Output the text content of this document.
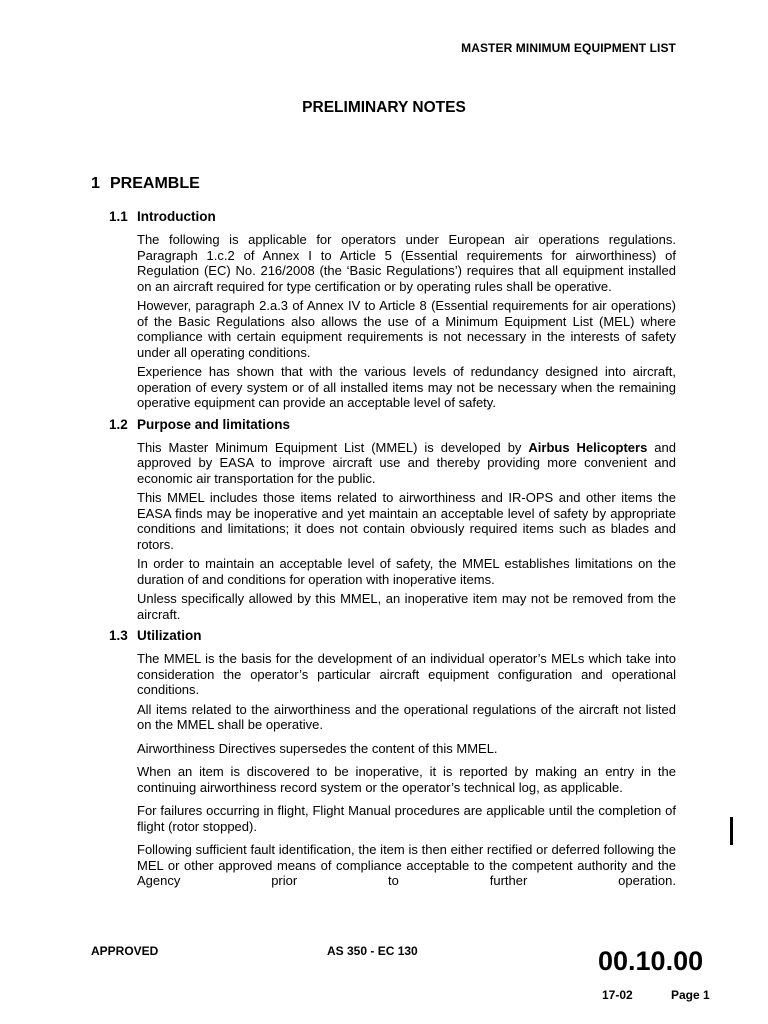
MASTER MINIMUM EQUIPMENT LIST
PRELIMINARY NOTES
1 PREAMBLE
1.1 Introduction

The following is applicable for operators under European air operations regulations. Paragraph 1.c.2 of Annex I to Article 5 (Essential requirements for airworthiness) of Regulation (EC) No. 216/2008 (the ‘Basic Regulations’) requires that all equipment installed on an aircraft required for type certification or by operating rules shall be operative.

However, paragraph 2.a.3 of Annex IV to Article 8 (Essential requirements for air operations) of the Basic Regulations also allows the use of a Minimum Equipment List (MEL) where compliance with certain equipment requirements is not necessary in the interests of safety under all operating conditions.

Experience has shown that with the various levels of redundancy designed into aircraft, operation of every system or of all installed items may not be necessary when the remaining operative equipment can provide an acceptable level of safety.

1.2 Purpose and limitations

This Master Minimum Equipment List (MMEL) is developed by Airbus Helicopters and approved by EASA to improve aircraft use and thereby providing more convenient and economic air transportation for the public.

This MMEL includes those items related to airworthiness and IR-OPS and other items the EASA finds may be inoperative and yet maintain an acceptable level of safety by appropriate conditions and limitations; it does not contain obviously required items such as blades and rotors.

In order to maintain an acceptable level of safety, the MMEL establishes limitations on the duration of and conditions for operation with inoperative items.

Unless specifically allowed by this MMEL, an inoperative item may not be removed from the aircraft.

1.3 Utilization

The MMEL is the basis for the development of an individual operator’s MELs which take into consideration the operator’s particular aircraft equipment configuration and operational conditions.

All items related to the airworthiness and the operational regulations of the aircraft not listed on the MMEL shall be operative.

Airworthiness Directives supersedes the content of this MMEL.

When an item is discovered to be inoperative, it is reported by making an entry in the continuing airworthiness record system or the operator’s technical log, as applicable.

For failures occurring in flight, Flight Manual procedures are applicable until the completion of flight (rotor stopped).

Following sufficient fault identification, the item is then either rectified or deferred following the MEL or other approved means of compliance acceptable to the competent authority and the Agency prior to further operation.

APPROVED	AS 350 - EC 130	00.10.00
17-02	Page 1
